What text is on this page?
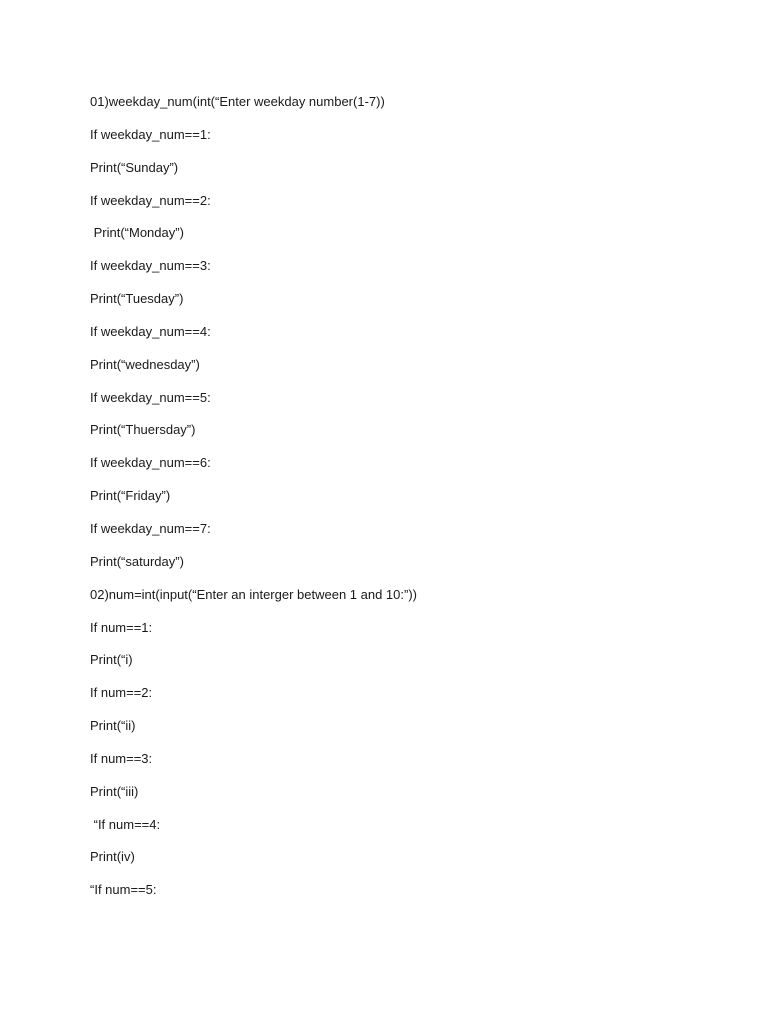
01)weekday_num(int(“Enter weekday number(1-7))
If weekday_num==1:
Print(“Sunday”)
If weekday_num==2:
Print(“Monday”)
If weekday_num==3:
Print(“Tuesday”)
If weekday_num==4:
Print(“wednesday”)
If weekday_num==5:
Print(“Thuersday”)
If weekday_num==6:
Print(“Friday”)
If weekday_num==7:
Print(“saturday”)
02)num=int(input(“Enter an interger between 1 and 10:”))
If num==1:
Print(“i)
If num==2:
Print(“ii)
If num==3:
Print(“iii)
“If num==4:
Print(iv)
“If num==5:
